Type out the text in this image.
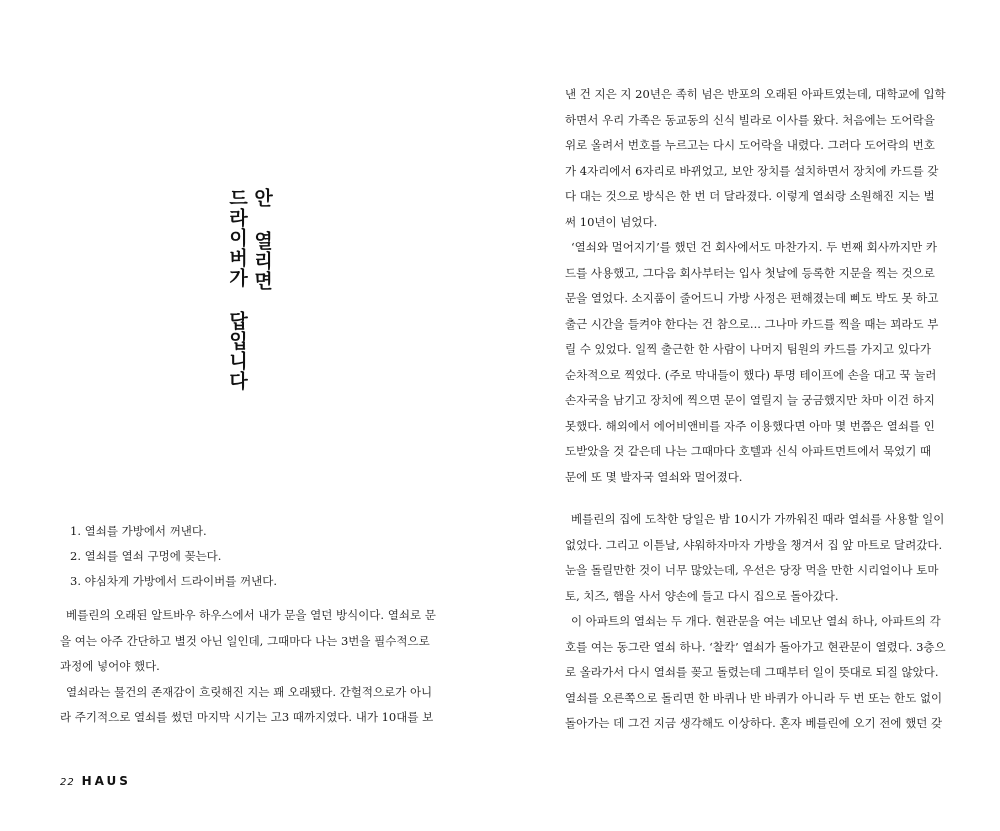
안 열리면
드라이버가 답입니다
1. 열쇠를 가방에서 꺼낸다.
2. 열쇠를 열쇠 구멍에 꽂는다.
3. 야심차게 가방에서 드라이버를 꺼낸다.

베를린의 오래된 알트바우 하우스에서 내가 문을 열던 방식이다. 열쇠로 문
을 여는 아주 간단하고 별것 아닌 일인데, 그때마다 나는 3번을 필수적으로
과정에 넣어야 했다.

열쇠라는 물건의 존재감이 흐릿해진 지는 꽤 오래됐다. 간헐적으로가 아니
라 주기적으로 열쇠를 썼던 마지막 시기는 고3 때까지였다. 내가 10대를 보

낸 건 지은 지 20년은 족히 넘은 반포의 오래된 아파트였는데, 대학교에 입학
하면서 우리 가족은 동교동의 신식 빌라로 이사를 왔다. 처음에는 도어락을
위로 올려서 번호를 누르고는 다시 도어락을 내렸다. 그러다 도어락의 번호
가 4자리에서 6자리로 바뀌었고, 보안 장치를 설치하면서 장치에 카드를 갖
다 대는 것으로 방식은 한 번 더 달라졌다. 이렇게 열쇠랑 소원해진 지는 벌
써 10년이 넘었다.

‘열쇠와 멀어지기’를 했던 건 회사에서도 마찬가지. 두 번째 회사까지만 카
드를 사용했고, 그다음 회사부터는 입사 첫날에 등록한 지문을 찍는 것으로
문을 열었다. 소지품이 줄어드니 가방 사정은 편해졌는데 삐도 박도 못 하고
출근 시간을 들켜야 한다는 건 참으로... 그나마 카드를 찍을 때는 꾀라도 부
릴 수 있었다. 일찍 출근한 한 사람이 나머지 팀원의 카드를 가지고 있다가
순차적으로 찍었다. (주로 막내들이 했다) 투명 테이프에 손을 대고 꾹 눌러
손자국을 남기고 장치에 찍으면 문이 열릴지 늘 궁금했지만 차마 이건 하지
못했다. 해외에서 에어비앤비를 자주 이용했다면 아마 몇 번쯤은 열쇠를 인
도받았을 것 같은데 나는 그때마다 호텔과 신식 아파트먼트에서 묵었기 때
문에 또 몇 발자국 열쇠와 멀어졌다.

베를린의 집에 도착한 당일은 밤 10시가 가까워진 때라 열쇠를 사용할 일이
없었다. 그리고 이튿날, 샤워하자마자 가방을 챙겨서 집 앞 마트로 달려갔다.
눈을 돌릴만한 것이 너무 많았는데, 우선은 당장 먹을 만한 시리얼이나 토마
토, 치즈, 햄을 사서 양손에 들고 다시 집으로 돌아갔다.

이 아파트의 열쇠는 두 개다. 현관문을 여는 네모난 열쇠 하나, 아파트의 각
호를 여는 동그란 열쇠 하나. ‘찰칵’ 열쇠가 돌아가고 현관문이 열렸다. 3층으
로 올라가서 다시 열쇠를 꽂고 돌렸는데 그때부터 일이 뜻대로 되질 않았다.
열쇠를 오른쪽으로 돌리면 한 바퀴나 반 바퀴가 아니라 두 번 또는 한도 없이
돌아가는 데 그건 지금 생각해도 이상하다. 혼자 베를린에 오기 전에 했던 갖

22 HAUS
